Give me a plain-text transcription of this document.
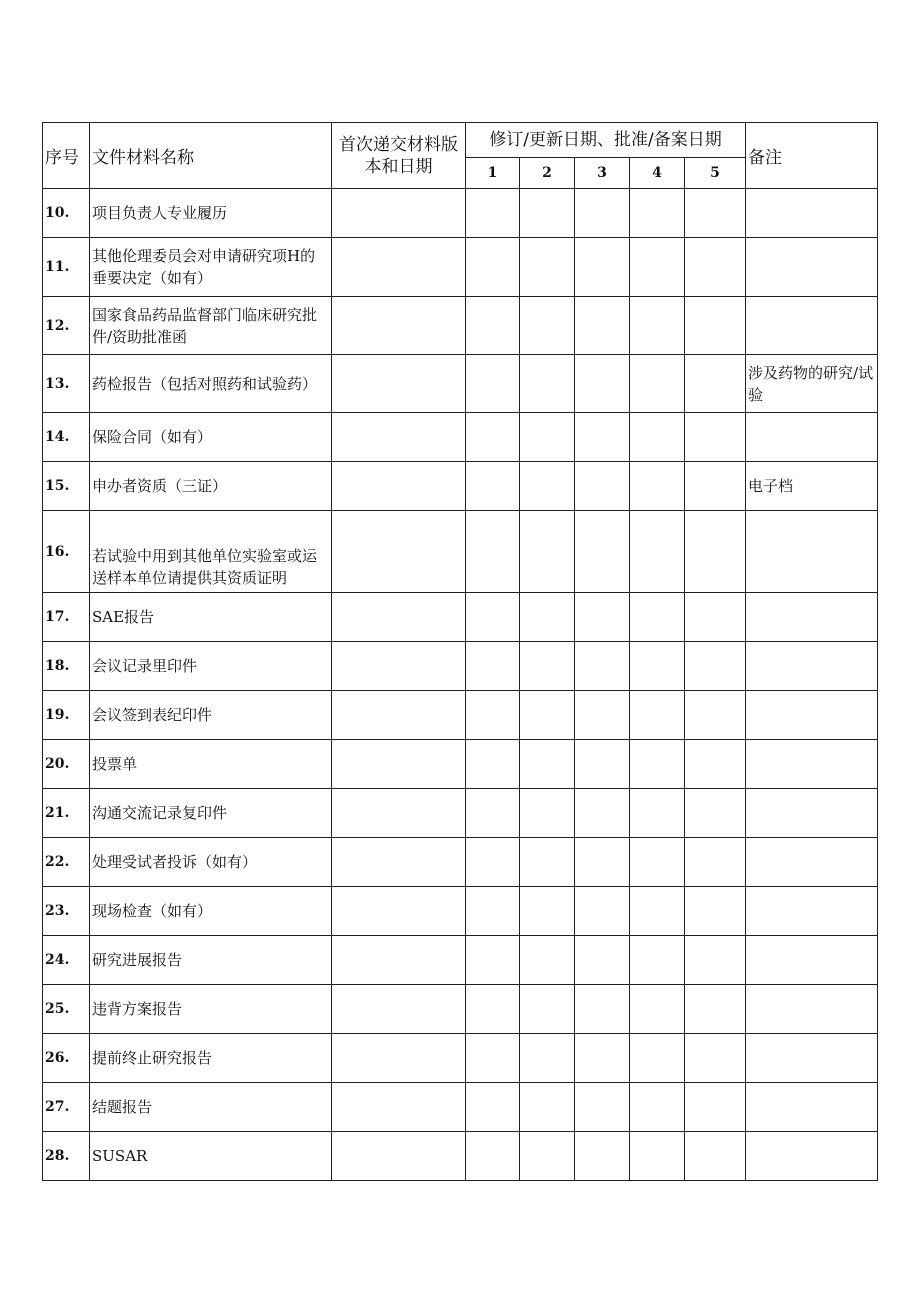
序号	文件材料名称	首次递交材料版本和日期	修订/更新日期、批准/备案日期					备注
			1	2	3	4	5	
10.	项目负责人专业履历							
11.	其他伦理委员会对申请研究项H的垂要决定（如有）							
12.	国家食品药品监督部门临床研究批件/资助批准函							
13.	药检报告（包括对照药和试验药）							涉及药物的研究/试验
14.	保险合同（如有）							
15.	申办者资质（三证）							电子档
16.	若试验中用到其他单位实验室或运送样本单位请提供其资质证明							
17.	SAE报告							
18.	会议记录里印件							
19.	会议签到表纪印件							
20.	投票单							
21.	沟通交流记录复印件							
22.	处理受试者投诉（如有）							
23.	现场检查（如有）							
24.	研究进展报告							
25.	违背方案报告							
26.	提前终止研究报告							
27.	结题报告							
28.	SUSAR							
